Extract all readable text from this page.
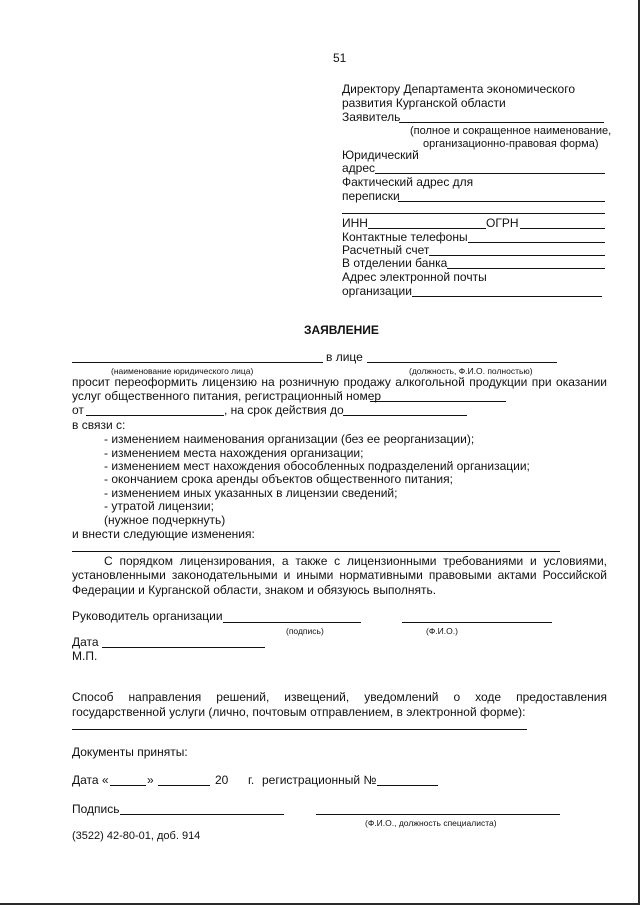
51
Директору Департамента экономического
развития Курганской области
Заявитель
(полное и сокращенное наименование,
организационно-правовая форма)
Юридический
адрес
Фактический адрес для
переписки
ИНН	ОГРН
Контактные телефоны
Расчетный счет
В отделении банка
Адрес электронной почты
организации
ЗАЯВЛЕНИЕ
в лице
(наименование юридического лица)	(должность, Ф.И.О. полностью)
просит переоформить лицензию на розничную продажу алкогольной продукции при оказании
услуг общественного питания, регистрационный номер
от	, на срок действия до
в связи с:
- изменением наименования организации (без ее реорганизации);
- изменением места нахождения организации;
- изменением мест нахождения обособленных подразделений организации;
- окончанием срока аренды объектов общественного питания;
- изменением иных указанных в лицензии сведений;
- утратой лицензии;
(нужное подчеркнуть)
и внести следующие изменения:
С порядком лицензирования, а также с лицензионными требованиями и условиями,
установленными законодательными и иными нормативными правовыми актами Российской
Федерации и Курганской области, знаком и обязуюсь выполнять.
Руководитель организации
(подпись)	(Ф.И.О.)
Дата
М.П.
Способ направления решений, извещений, уведомлений о ходе предоставления
государственной услуги (лично, почтовым отправлением, в электронной форме):
Документы приняты:
Дата «	»	20 г. регистрационный №
Подпись
(Ф.И.О., должность специалиста)
(3522) 42-80-01, доб. 914
